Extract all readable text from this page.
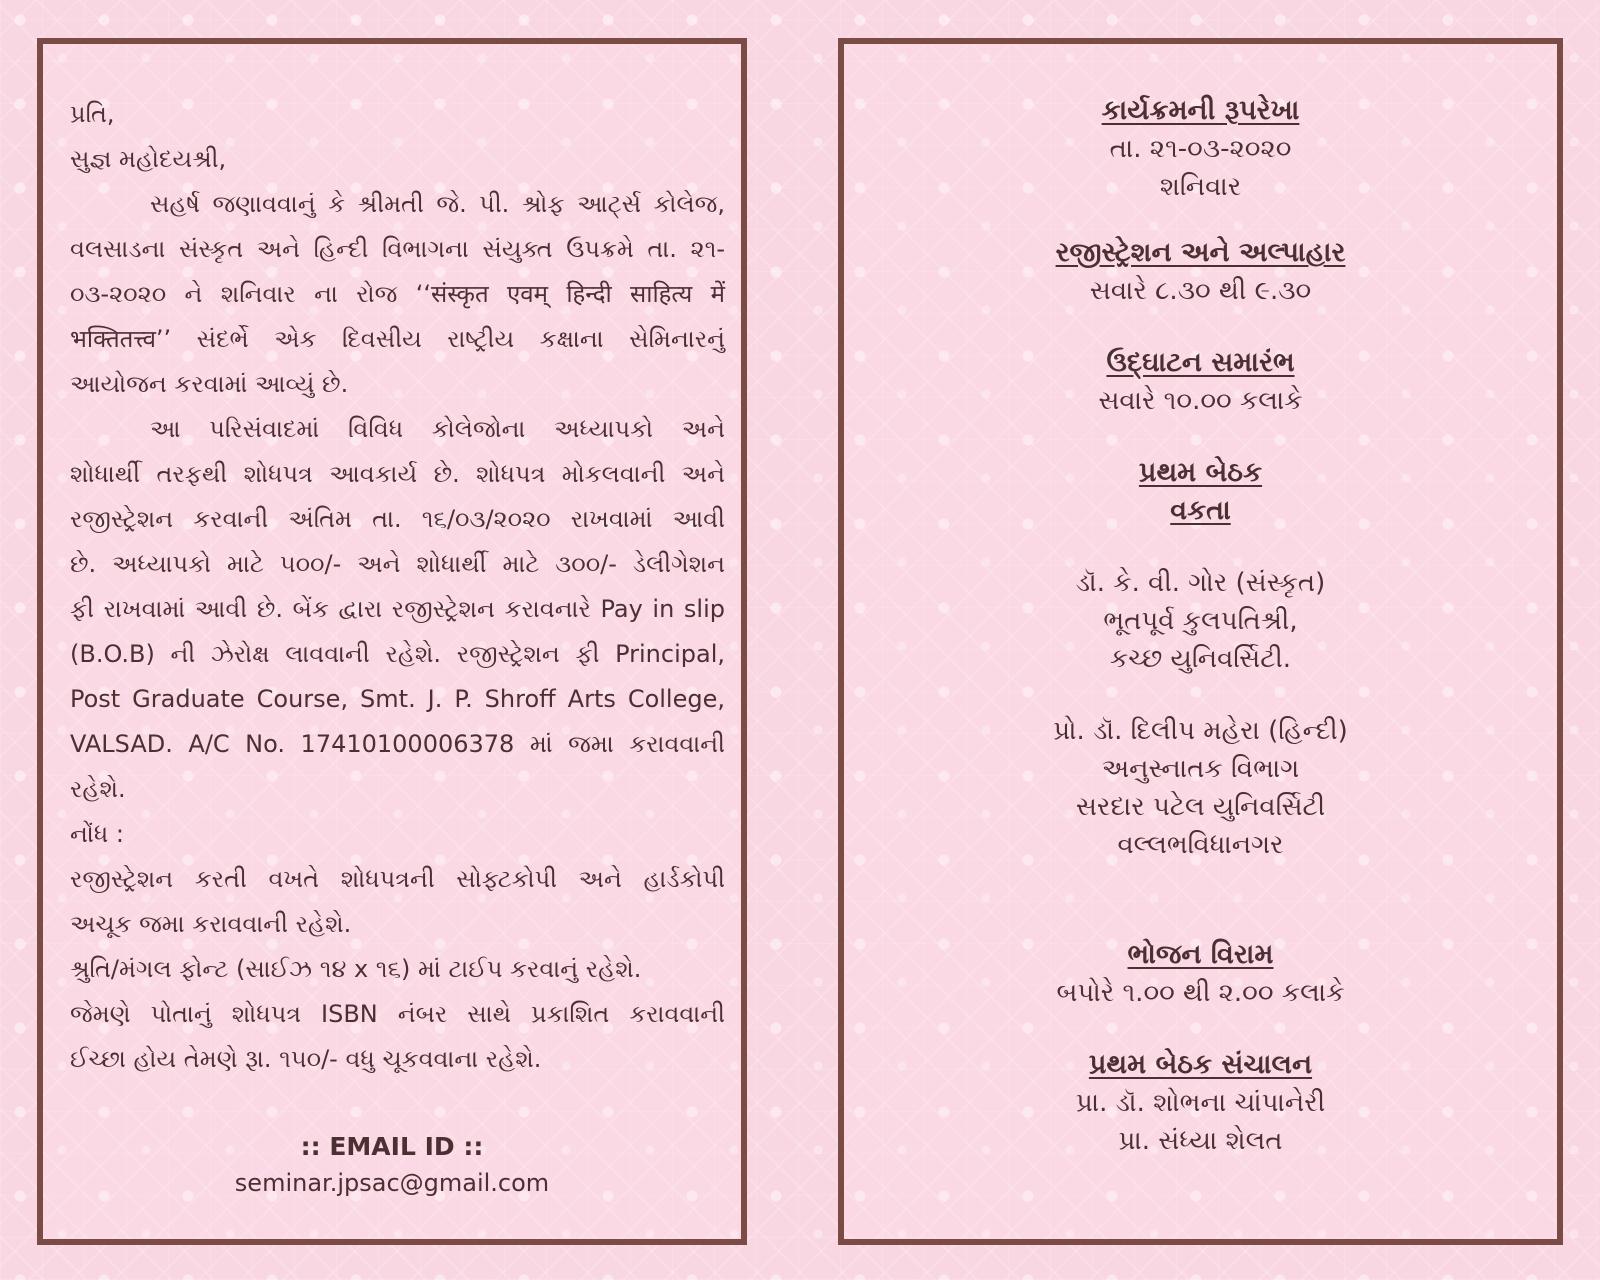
પ્રતિ,

સુજ્ઞ મહોદયશ્રી,

સહર્ષ જણાવવાનું કે શ્રીમતી જે. પી. શ્રોફ આર્ટ્સ કોલેજ,

વલસાડના સંસ્કૃત અને હિન્દી વિભાગના સંયુક્ત ઉપક્રમે તા. ૨૧-

૦૩-૨૦૨૦ ને શનિવાર ના રોજ ‘‘संस्कृत एवम् हिन्दी साहित्य में

भक्तितत्त्व’’ સંદર્ભે એક દિવસીય રાષ્ટ્રીય કક્ષાના સેમિનારનું

આયોજન કરવામાં આવ્યું છે.

આ પરિસંવાદમાં વિવિધ કોલેજોના અધ્યાપકો અને

શોધાર્થી તરફથી શોધપત્ર આવકાર્ય છે. શોધપત્ર મોકલવાની અને

રજીસ્ટ્રેશન કરવાની અંતિમ તા. ૧૬/૦૩/૨૦૨૦ રાખવામાં આવી

છે. અધ્યાપકો માટે ૫૦૦/- અને શોધાર્થી માટે ૩૦૦/- ડેલીગેશન

ફી રાખવામાં આવી છે. બેંક દ્વારા રજીસ્ટ્રેશન કરાવનારે Pay in slip

(B.O.B) ની ઝેરોક્ષ લાવવાની રહેશે. રજીસ્ટ્રેશન ફી Principal,

Post Graduate Course, Smt. J. P. Shroff Arts College,

VALSAD. A/C No. 17410100006378 માં જમા કરાવવાની

રહેશે.

નોંધ :

રજીસ્ટ્રેશન કરતી વખતે શોધપત્રની સોફ્ટકોપી અને હાર્ડકોપી

અચૂક જમા કરાવવાની રહેશે.

શ્રુતિ/મંગલ ફોન્ટ (સાઈઝ ૧૪ x ૧૬) માં ટાઈપ કરવાનું રહેશે.

જેમણે પોતાનું શોધપત્ર ISBN નંબર સાથે પ્રકાશિત કરાવવાની

ઈચ્છા હોય તેમણે રૂા. ૧૫૦/- વધુ ચૂકવવાના રહેશે.

:: EMAIL ID ::
seminar.jpsac@gmail.com

કાર્યક્રમની રૂપરેખા

તા. ૨૧-૦૩-૨૦૨૦

શનિવાર

રજીસ્ટ્રેશન અને અલ્પાહાર

સવારે ૮.૩૦ થી ૯.૩૦

ઉદ્‌ઘાટન સમારંભ

સવારે ૧૦.૦૦ કલાકે

પ્રથમ બેઠક

વકતા

ડૉ. કે. વી. ગોર (સંસ્કૃત)

ભૂતપૂર્વ કુલપતિશ્રી,

કચ્છ યુનિવર્સિટી.

પ્રો. ડૉ. દિલીપ મહેરા (હિન્દી)

અનુસ્નાતક વિભાગ

સરદાર પટેલ યુનિવર્સિટી

વલ્લભવિધાનગર

ભોજન વિરામ

બપોરે ૧.૦૦ થી ૨.૦૦ કલાકે

પ્રથમ બેઠક સંચાલન

પ્રા. ડૉ. શોભના ચાંપાનેરી

પ્રા. સંધ્યા શેલત
